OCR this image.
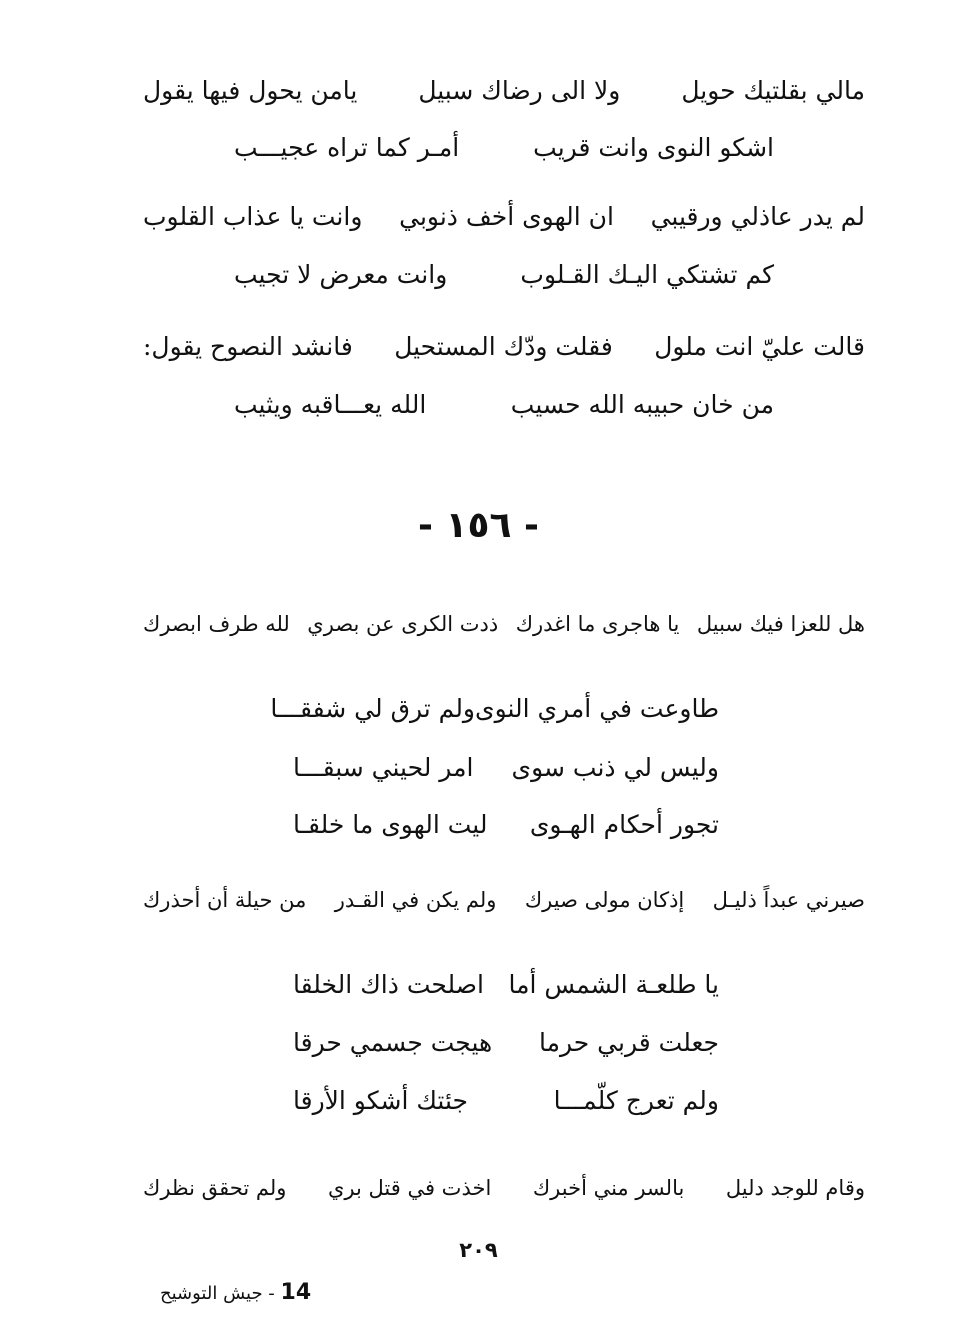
مالي بقلتيك حويل
ولا الى رضاك سبيل
يامن يحول فيها يقول
اشكو النوى وانت قريب
أمـر كما تراه عجيـــب
لم يدر عاذلي ورقيبي
ان الهوى أخف ذنوبي
وانت يا عذاب القلوب
كم تشتكي اليـك القـلوب
وانت معرض لا تجيب
قالت عليّ انت ملول
فقلت ودّك المستحيل
فانشد النصوح يقول:
من خان حبيبه الله حسيب
الله يعـــاقبه ويثيب
- ١٥٦ -
هل للعزا فيك سبيل
يا هاجرى ما اغدرك
ذدت الكرى عن بصري
لله طرف ابصرك
طاوعت في أمري النوى
ولم ترق لي شفقـــا
وليس لي ذنب سوى
امر لحيني سبقـــا
تجور أحكام الهـوى
ليت الهوى ما خلقـا
صيرني عبداً ذليـل
إذكان مولى صيرك
ولم يكن في القـدر
من حيلة أن أحذرك
يا طلعـة الشمس أما
اصلحت ذاك الخلقا
جعلت قربي حرما
هيجت جسمي حرقا
ولم تعرج كلّمـــا
جئتك أشكو الأرقا
وقام للوجد دليل
بالسر مني أخبرك
اخذت في قتل بري
ولم تحقق نظرك
٢٠٩
14 - جيش التوشيح
